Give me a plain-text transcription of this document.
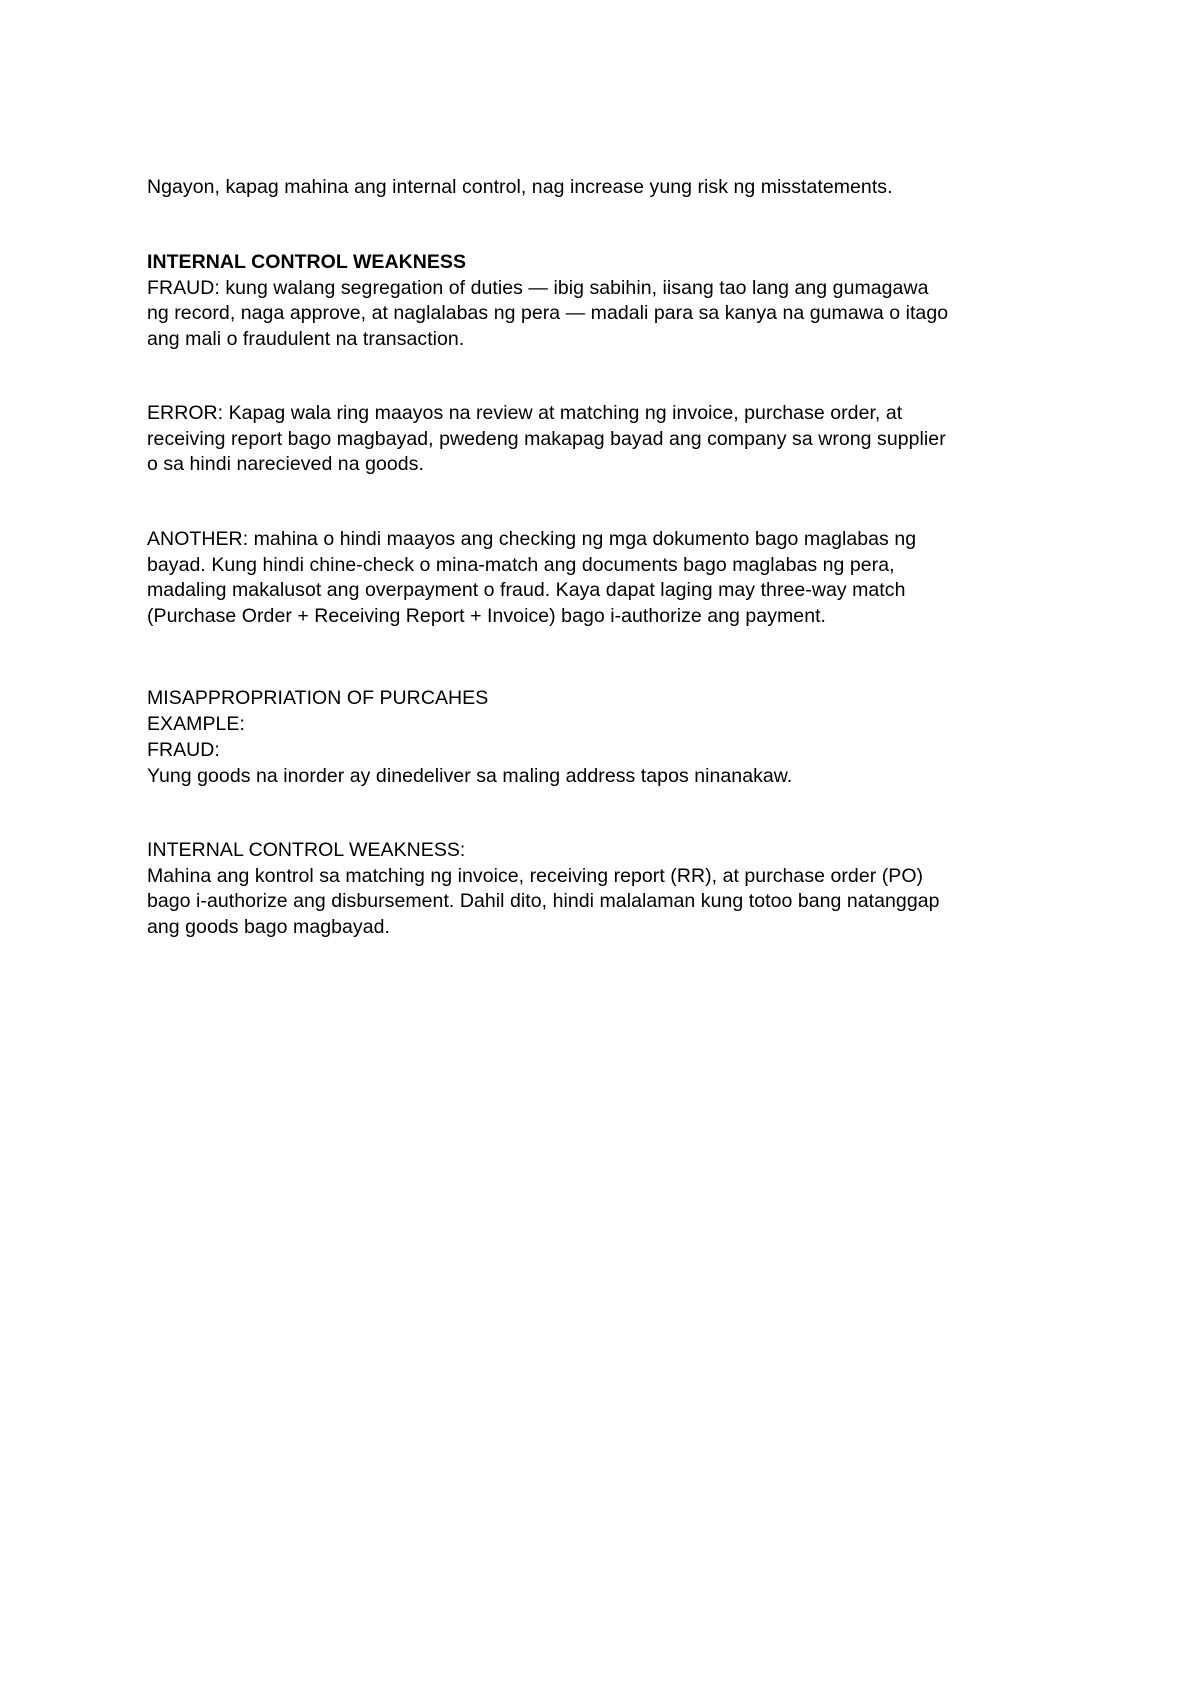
Ngayon, kapag mahina ang internal control, nag increase yung risk ng misstatements.
INTERNAL CONTROL WEAKNESS
FRAUD: kung walang segregation of duties — ibig sabihin, iisang tao lang ang gumagawa
ng record, naga approve, at naglalabas ng pera — madali para sa kanya na gumawa o itago
ang mali o fraudulent na transaction.
ERROR: Kapag wala ring maayos na review at matching ng invoice, purchase order, at
receiving report bago magbayad, pwedeng makapag bayad ang company sa wrong supplier
o sa hindi narecieved na goods.
ANOTHER: mahina o hindi maayos ang checking ng mga dokumento bago maglabas ng
bayad. Kung hindi chine-check o mina-match ang documents bago maglabas ng pera,
madaling makalusot ang overpayment o fraud. Kaya dapat laging may three-way match
(Purchase Order + Receiving Report + Invoice) bago i-authorize ang payment.
MISAPPROPRIATION OF PURCAHES
EXAMPLE:
FRAUD:
Yung goods na inorder ay dinedeliver sa maling address tapos ninanakaw.
INTERNAL CONTROL WEAKNESS:
Mahina ang kontrol sa matching ng invoice, receiving report (RR), at purchase order (PO)
bago i-authorize ang disbursement. Dahil dito, hindi malalaman kung totoo bang natanggap
ang goods bago magbayad.
